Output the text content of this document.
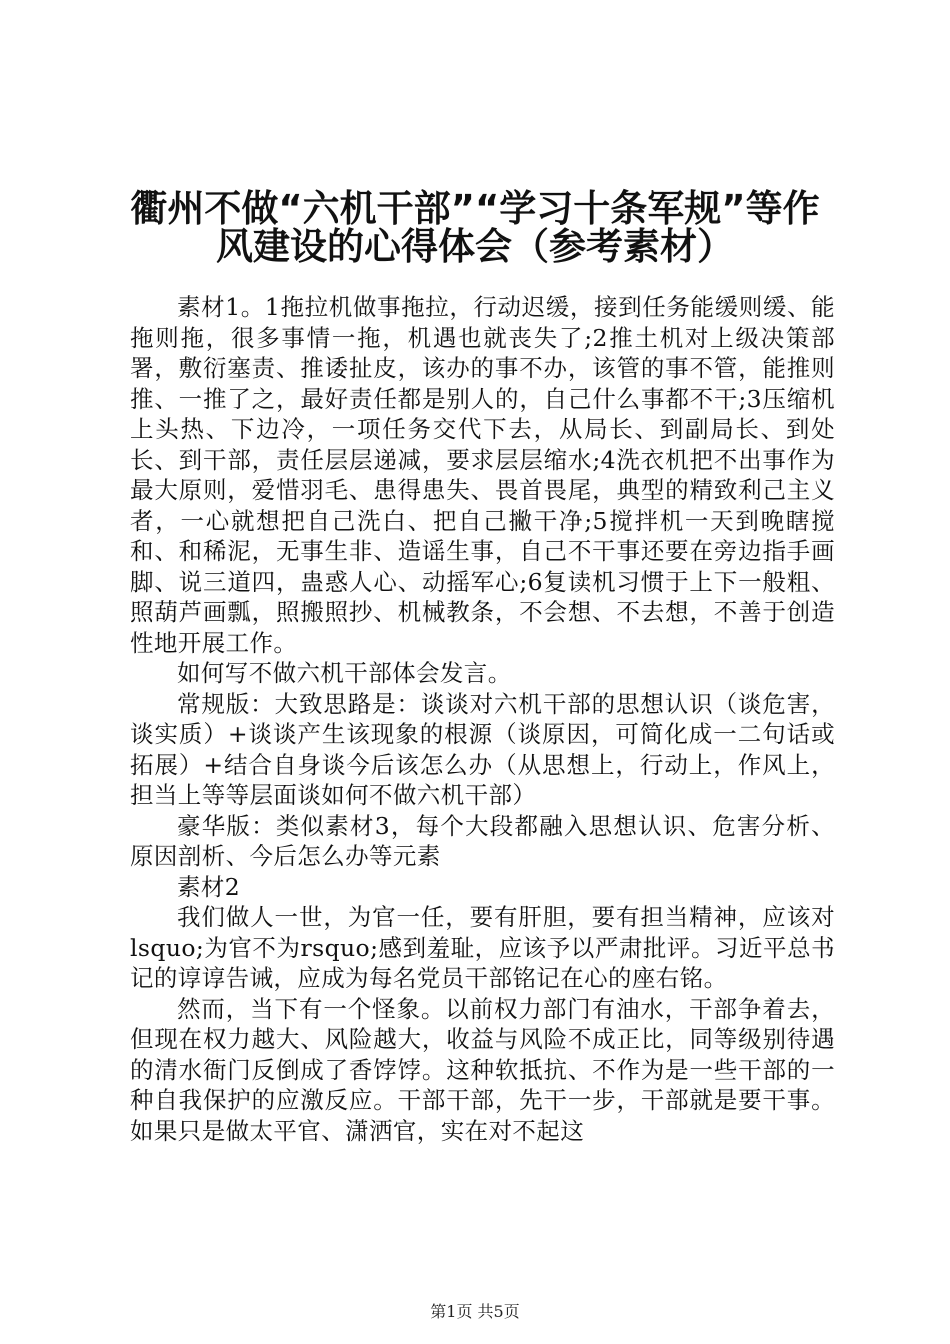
衢州不做“六机干部”“学习十条军规”等作
风建设的心得体会（参考素材）

素材1。1拖拉机做事拖拉，行动迟缓，接到任务能缓则缓、能拖则拖，很多事情一拖，机遇也就丧失了;2推土机对上级决策部署，敷衍塞责、推诿扯皮，该办的事不办，该管的事不管，能推则推、一推了之，最好责任都是别人的，自己什么事都不干;3压缩机上头热、下边冷，一项任务交代下去，从局长、到副局长、到处长、到干部，责任层层递减，要求层层缩水;4洗衣机把不出事作为最大原则，爱惜羽毛、患得患失、畏首畏尾，典型的精致利己主义者，一心就想把自己洗白、把自己撇干净;5搅拌机一天到晚瞎搅和、和稀泥，无事生非、造谣生事，自己不干事还要在旁边指手画脚、说三道四，蛊惑人心、动摇军心;6复读机习惯于上下一般粗、照葫芦画瓢，照搬照抄、机械教条，不会想、不去想，不善于创造性地开展工作。

如何写不做六机干部体会发言。

常规版：大致思路是：谈谈对六机干部的思想认识（谈危害，谈实质）+谈谈产生该现象的根源（谈原因，可简化成一二句话或拓展）+结合自身谈今后该怎么办（从思想上，行动上，作风上，担当上等等层面谈如何不做六机干部）

豪华版：类似素材3，每个大段都融入思想认识、危害分析、原因剖析、今后怎么办等元素

素材2

我们做人一世，为官一任，要有肝胆，要有担当精神，应该对lsquo;为官不为rsquo;感到羞耻，应该予以严肃批评。习近平总书记的谆谆告诫，应成为每名党员干部铭记在心的座右铭。

然而，当下有一个怪象。以前权力部门有油水，干部争着去，但现在权力越大、风险越大，收益与风险不成正比，同等级别待遇的清水衙门反倒成了香饽饽。这种软抵抗、不作为是一些干部的一种自我保护的应激反应。干部干部，先干一步，干部就是要干事。如果只是做太平官、潇洒官，实在对不起这

第1页 共5页
